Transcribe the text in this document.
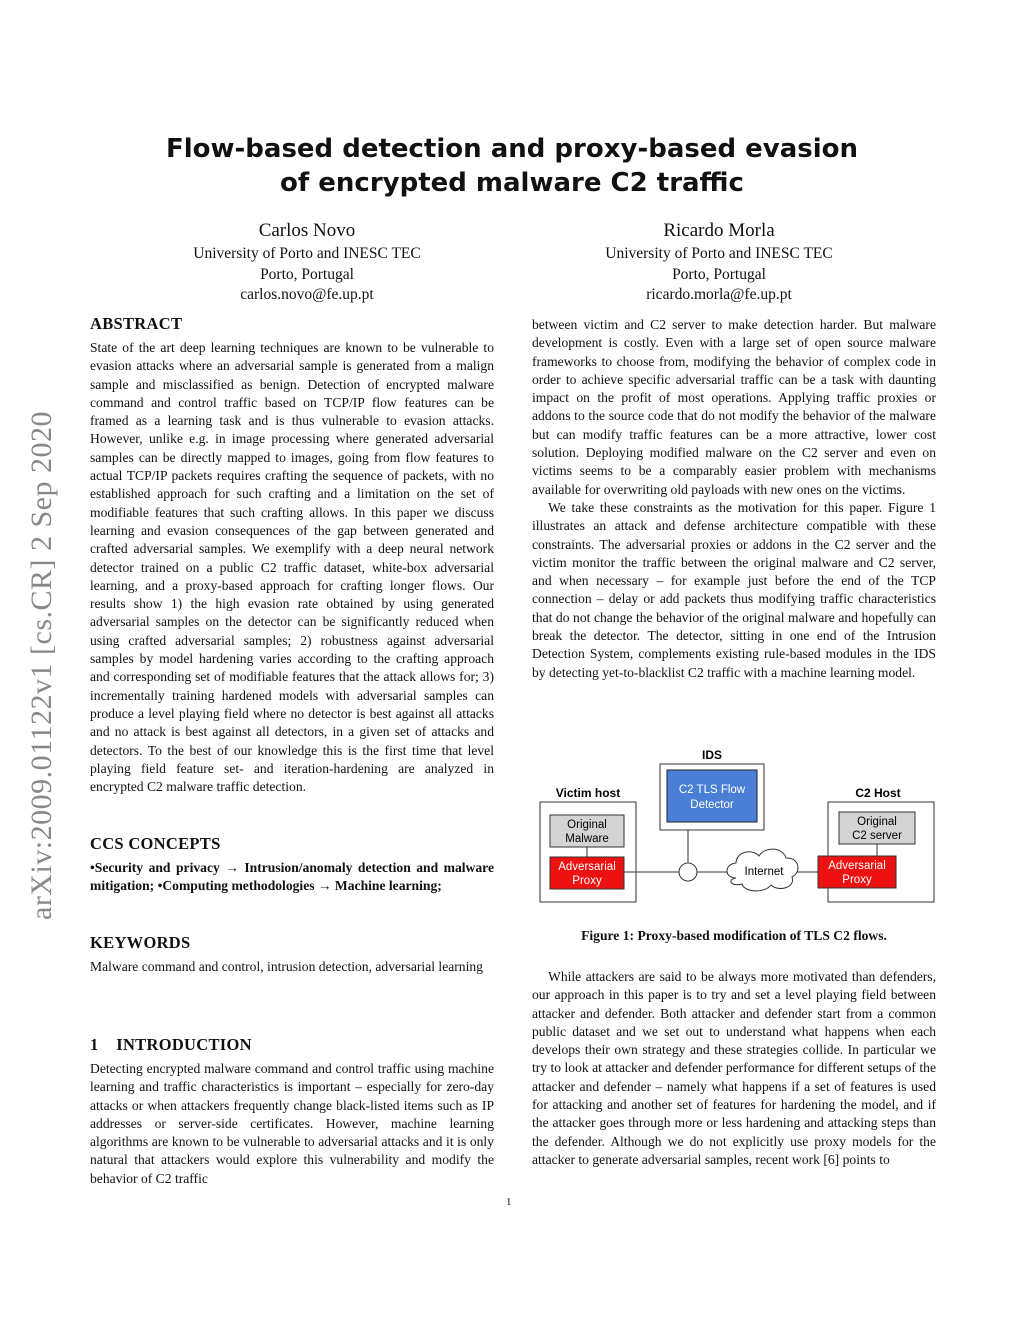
arXiv:2009.01122v1 [cs.CR] 2 Sep 2020
Flow-based detection and proxy-based evasion
of encrypted malware C2 traffic
Carlos Novo
University of Porto and INESC TEC
Porto, Portugal
carlos.novo@fe.up.pt
Ricardo Morla
University of Porto and INESC TEC
Porto, Portugal
ricardo.morla@fe.up.pt
ABSTRACT

State of the art deep learning techniques are known to be vulnerable to evasion attacks where an adversarial sample is generated from a malign sample and misclassified as benign. Detection of encrypted malware command and control traffic based on TCP/IP flow features can be framed as a learning task and is thus vulnerable to evasion attacks. However, unlike e.g. in image processing where generated adversarial samples can be directly mapped to images, going from flow features to actual TCP/IP packets requires crafting the sequence of packets, with no established approach for such crafting and a limitation on the set of modifiable features that such crafting allows. In this paper we discuss learning and evasion consequences of the gap between generated and crafted adversarial samples. We exemplify with a deep neural network detector trained on a public C2 traffic dataset, white-box adversarial learning, and a proxy-based approach for crafting longer flows. Our results show 1) the high evasion rate obtained by using generated adversarial samples on the detector can be significantly reduced when using crafted adversarial samples; 2) robustness against adversarial samples by model hardening varies according to the crafting approach and corresponding set of modifiable features that the attack allows for; 3) incrementally training hardened models with adversarial samples can produce a level playing field where no detector is best against all attacks and no attack is best against all detectors, in a given set of attacks and detectors. To the best of our knowledge this is the first time that level playing field feature set- and iteration-hardening are analyzed in encrypted C2 malware traffic detection.

CCS CONCEPTS

•Security and privacy → Intrusion/anomaly detection and malware mitigation; •Computing methodologies → Machine learning;

KEYWORDS

Malware command and control, intrusion detection, adversarial learning

1    INTRODUCTION

Detecting encrypted malware command and control traffic using machine learning and traffic characteristics is important – especially for zero-day attacks or when attackers frequently change black-listed items such as IP addresses or server-side certificates. However, machine learning algorithms are known to be vulnerable to adversarial attacks and it is only natural that attackers would explore this vulnerability and modify the behavior of C2 traffic

between victim and C2 server to make detection harder. But malware development is costly. Even with a large set of open source malware frameworks to choose from, modifying the behavior of complex code in order to achieve specific adversarial traffic can be a task with daunting impact on the profit of most operations. Applying traffic proxies or addons to the source code that do not modify the behavior of the malware but can modify traffic features can be a more attractive, lower cost solution. Deploying modified malware on the C2 server and even on victims seems to be a comparably easier problem with mechanisms available for overwriting old payloads with new ones on the victims.

We take these constraints as the motivation for this paper. Figure 1 illustrates an attack and defense architecture compatible with these constraints. The adversarial proxies or addons in the C2 server and the victim monitor the traffic between the original malware and C2 server, and when necessary – for example just before the end of the TCP connection – delay or add packets thus modifying traffic characteristics that do not change the behavior of the original malware and hopefully can break the detector. The detector, sitting in one end of the Intrusion Detection System, complements existing rule-based modules in the IDS by detecting yet-to-blacklist C2 traffic with a machine learning model.

IDS
C2 TLS Flow
Detector
Victim host
Original
Malware
Adversarial
Proxy
Internet
C2 Host
Original
C2 server
Adversarial
Proxy
Figure 1: Proxy-based modification of TLS C2 flows.

While attackers are said to be always more motivated than defenders, our approach in this paper is to try and set a level playing field between attacker and defender. Both attacker and defender start from a common public dataset and we set out to understand what happens when each develops their own strategy and these strategies collide. In particular we try to look at attacker and defender performance for different setups of the attacker and defender – namely what happens if a set of features is used for attacking and another set of features for hardening the model, and if the attacker goes through more or less hardening and attacking steps than the defender. Although we do not explicitly use proxy models for the attacker to generate adversarial samples, recent work [6] points to

1
